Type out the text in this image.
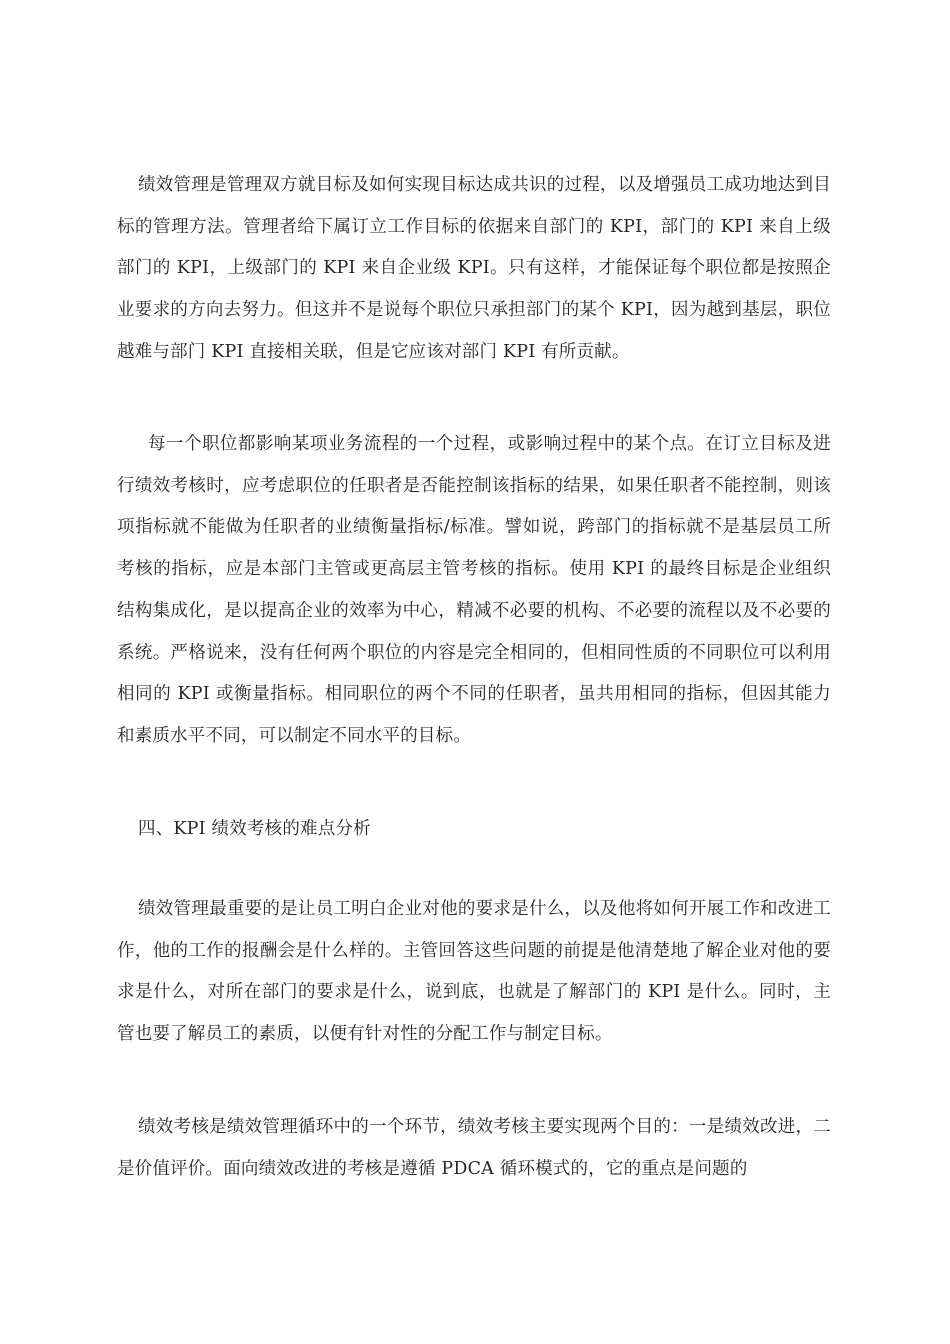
绩效管理是管理双方就目标及如何实现目标达成共识的过程，以及增强员工成功地达到目标的管理方法。管理者给下属订立工作目标的依据来自部门的 KPI，部门的 KPI 来自上级部门的 KPI，上级部门的 KPI 来自企业级 KPI。只有这样，才能保证每个职位都是按照企业要求的方向去努力。但这并不是说每个职位只承担部门的某个 KPI，因为越到基层，职位越难与部门 KPI 直接相关联，但是它应该对部门 KPI 有所贡献。

每一个职位都影响某项业务流程的一个过程，或影响过程中的某个点。在订立目标及进行绩效考核时，应考虑职位的任职者是否能控制该指标的结果，如果任职者不能控制，则该项指标就不能做为任职者的业绩衡量指标/标准。譬如说，跨部门的指标就不是基层员工所考核的指标，应是本部门主管或更高层主管考核的指标。使用 KPI 的最终目标是企业组织结构集成化，是以提高企业的效率为中心，精减不必要的机构、不必要的流程以及不必要的系统。严格说来，没有任何两个职位的内容是完全相同的，但相同性质的不同职位可以利用相同的 KPI 或衡量指标。相同职位的两个不同的任职者，虽共用相同的指标，但因其能力和素质水平不同，可以制定不同水平的目标。

四、KPI 绩效考核的难点分析

绩效管理最重要的是让员工明白企业对他的要求是什么，以及他将如何开展工作和改进工作，他的工作的报酬会是什么样的。主管回答这些问题的前提是他清楚地了解企业对他的要求是什么，对所在部门的要求是什么，说到底，也就是了解部门的 KPI 是什么。同时，主管也要了解员工的素质，以便有针对性的分配工作与制定目标。

绩效考核是绩效管理循环中的一个环节，绩效考核主要实现两个目的：一是绩效改进，二是价值评价。面向绩效改进的考核是遵循 PDCA 循环模式的，它的重点是问题的
